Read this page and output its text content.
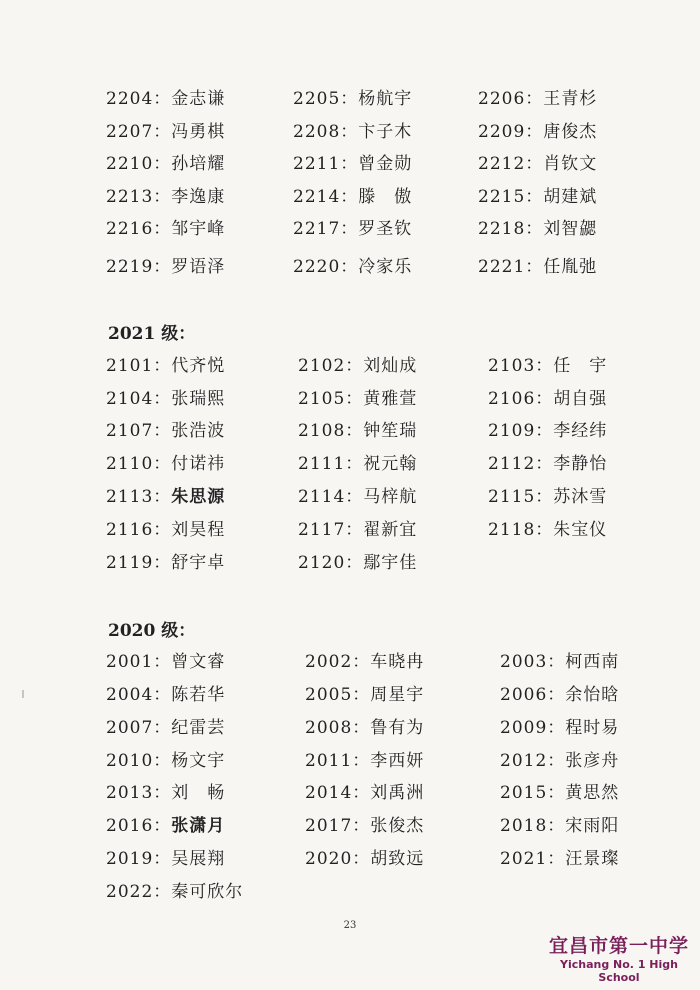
2204：金志谦	2205：杨航宇	2206：王青杉
2207：冯勇棋	2208：卞子木	2209：唐俊杰
2210：孙培耀	2211：曾金勋	2212：肖钦文
2213：李逸康	2214：滕　傲	2215：胡建斌
2216：邹宇峰	2217：罗圣钦	2218：刘智勰
2219：罗语泽	2220：冷家乐	2221：任胤弛
2021 级：
2101：代齐悦	2102：刘灿成	2103：任　宇
2104：张瑞熙	2105：黄雅萱	2106：胡自强
2107：张浩波	2108：钟笙瑞	2109：李经纬
2110：付诺祎	2111：祝元翰	2112：李静怡
2113：朱思源	2114：马梓航	2115：苏沐雪
2116：刘昊程	2117：翟新宜	2118：朱宝仪
2119：舒宇卓	2120：鄢宇佳
2020 级：
2001：曾文睿	2002：车晓冉	2003：柯西南
2004：陈若华	2005：周星宇	2006：余怡晗
2007：纪雷芸	2008：鲁有为	2009：程时易
2010：杨文宇	2011：李西妍	2012：张彦舟
2013：刘　畅	2014：刘禹洲	2015：黄思然
2016：张潇月	2017：张俊杰	2018：宋雨阳
2019：吴展翔	2020：胡致远	2021：汪景璨
2022：秦可欣尔
23
宜昌市第一中学
Yichang No. 1 High School
